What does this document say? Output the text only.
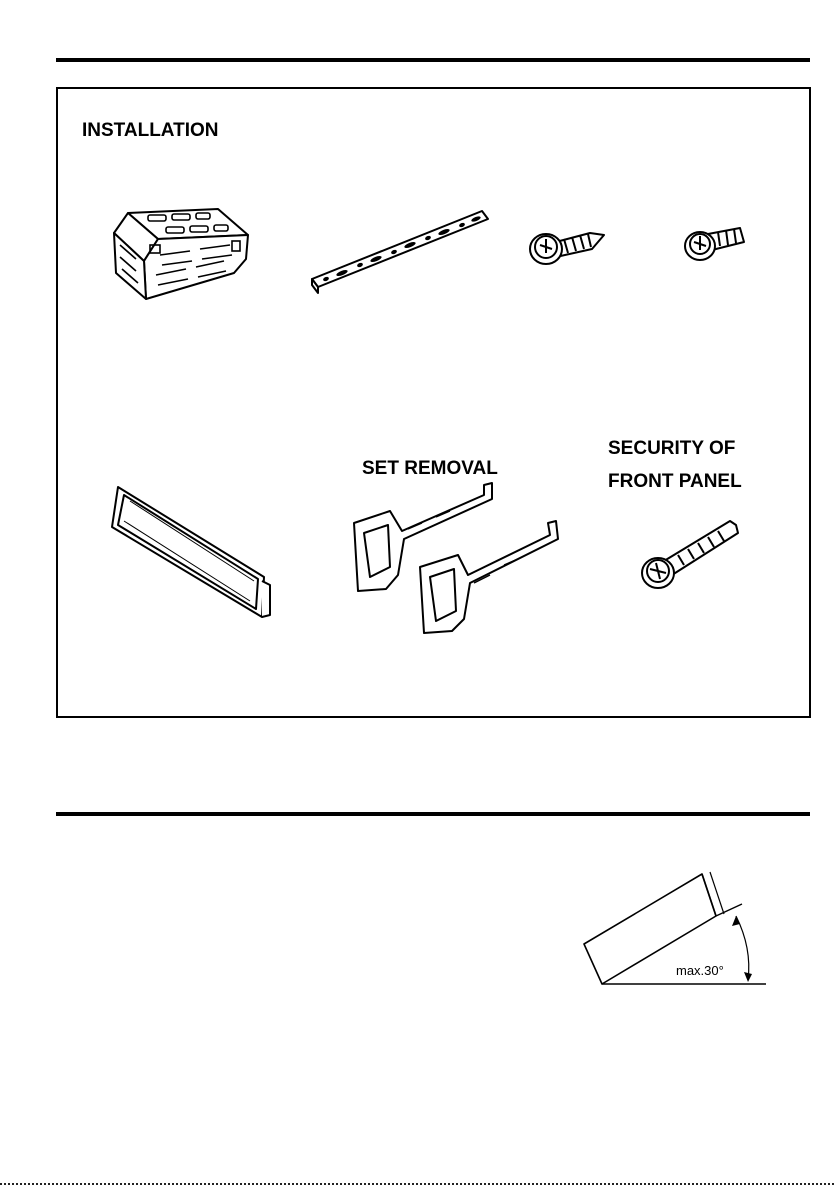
INSTALLATION
SET REMOVAL
SECURITY OF
FRONT PANEL
max.30°
